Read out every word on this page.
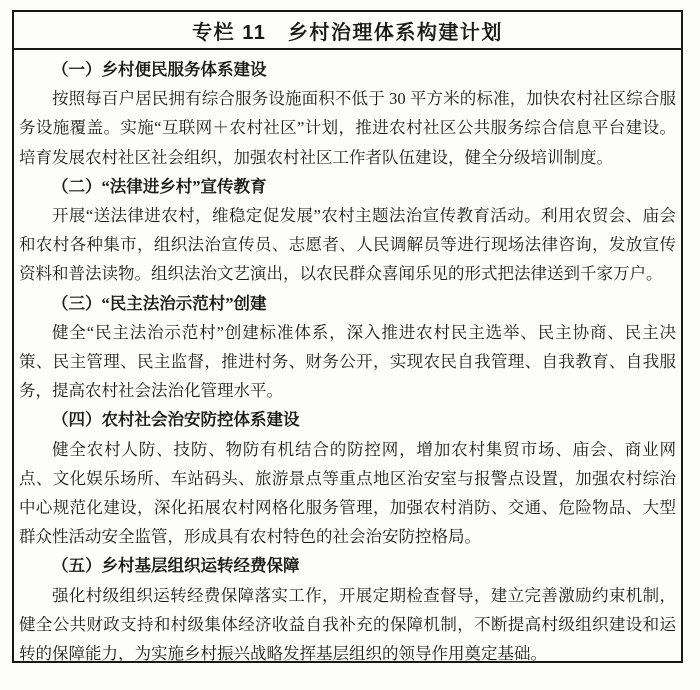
专栏 11　乡村治理体系构建计划

（一）乡村便民服务体系建设

按照每百户居民拥有综合服务设施面积不低于 30 平方米的标准，加快农村社区综合服务设施覆盖。实施“互联网＋农村社区”计划，推进农村社区公共服务综合信息平台建设。培育发展农村社区社会组织，加强农村社区工作者队伍建设，健全分级培训制度。

（二）“法律进乡村”宣传教育

开展“送法律进农村，维稳定促发展”农村主题法治宣传教育活动。利用农贸会、庙会和农村各种集市，组织法治宣传员、志愿者、人民调解员等进行现场法律咨询，发放宣传资料和普法读物。组织法治文艺演出，以农民群众喜闻乐见的形式把法律送到千家万户。

（三）“民主法治示范村”创建

健全“民主法治示范村”创建标准体系，深入推进农村民主选举、民主协商、民主决策、民主管理、民主监督，推进村务、财务公开，实现农民自我管理、自我教育、自我服务，提高农村社会法治化管理水平。

（四）农村社会治安防控体系建设

健全农村人防、技防、物防有机结合的防控网，增加农村集贸市场、庙会、商业网点、文化娱乐场所、车站码头、旅游景点等重点地区治安室与报警点设置，加强农村综治中心规范化建设，深化拓展农村网格化服务管理，加强农村消防、交通、危险物品、大型群众性活动安全监管，形成具有农村特色的社会治安防控格局。

（五）乡村基层组织运转经费保障

强化村级组织运转经费保障落实工作，开展定期检查督导，建立完善激励约束机制，健全公共财政支持和村级集体经济收益自我补充的保障机制，不断提高村级组织建设和运转的保障能力，为实施乡村振兴战略发挥基层组织的领导作用奠定基础。
